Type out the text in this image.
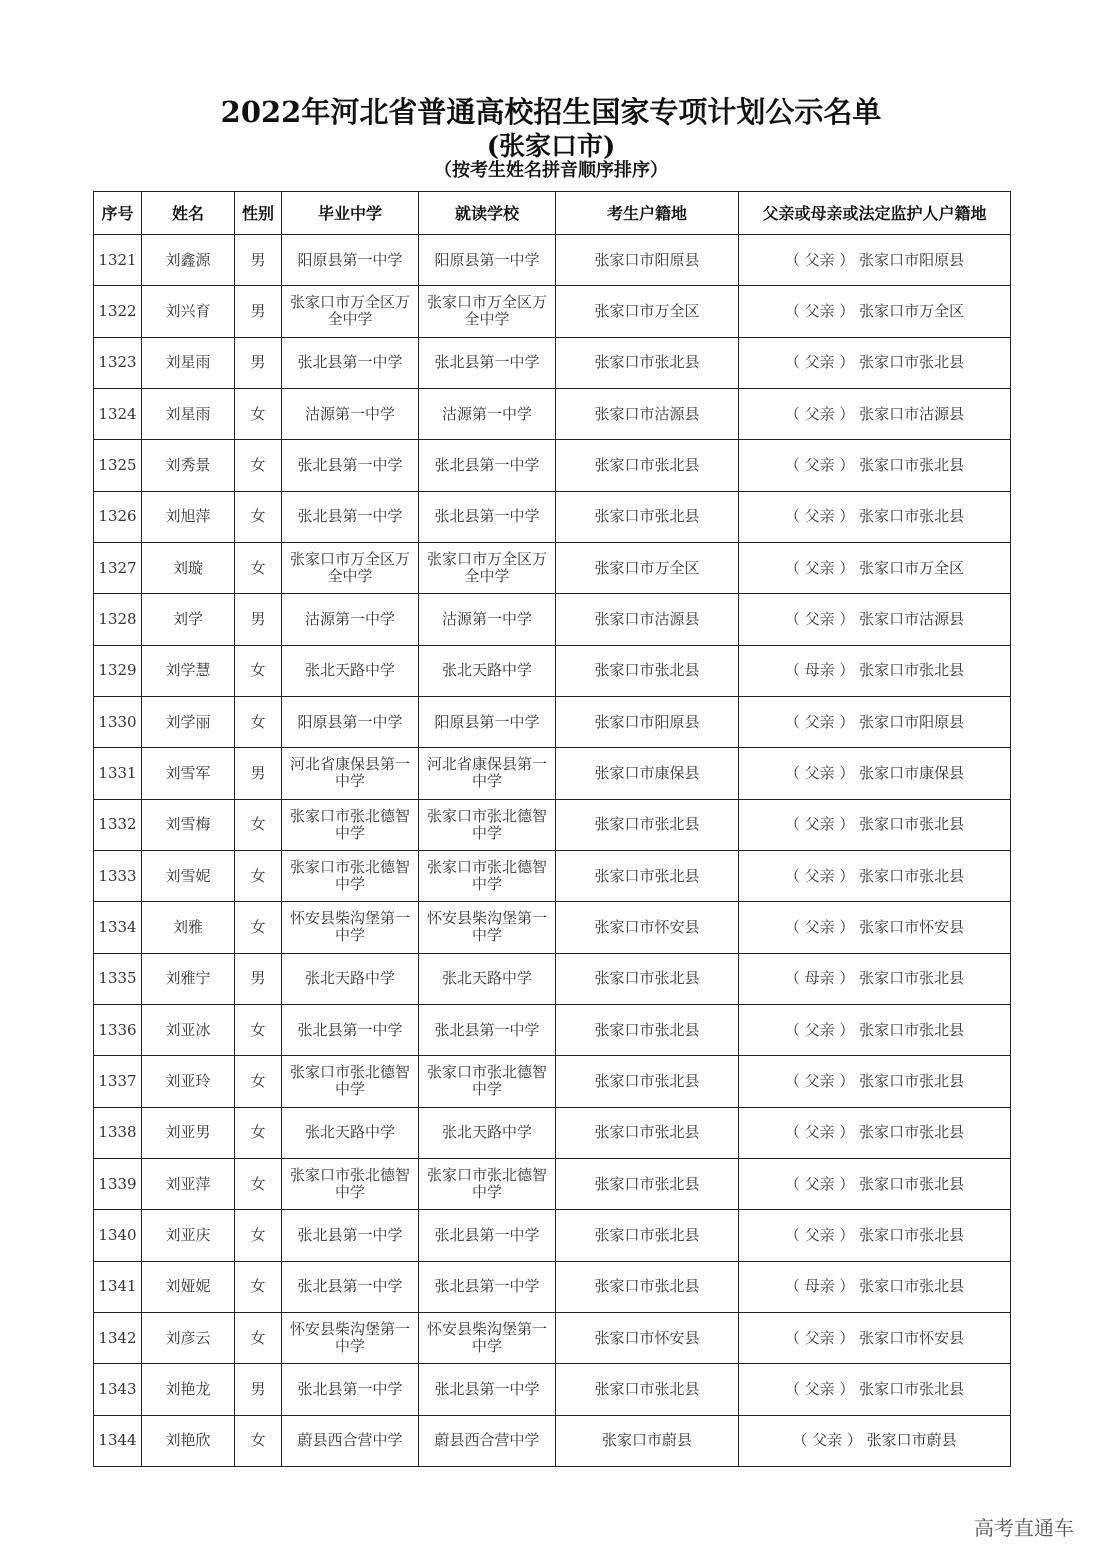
2022年河北省普通高校招生国家专项计划公示名单
(张家口市)
（按考生姓名拼音顺序排序）
序号	姓名	性别	毕业中学	就读学校	考生户籍地	父亲或母亲或法定监护人户籍地
1321	刘鑫源	男	阳原县第一中学	阳原县第一中学	张家口市阳原县	（ 父亲 ） 张家口市阳原县
1322	刘兴育	男	张家口市万全区万全中学	张家口市万全区万全中学	张家口市万全区	（ 父亲 ） 张家口市万全区
1323	刘星雨	男	张北县第一中学	张北县第一中学	张家口市张北县	（ 父亲 ） 张家口市张北县
1324	刘星雨	女	沽源第一中学	沽源第一中学	张家口市沽源县	（ 父亲 ） 张家口市沽源县
1325	刘秀景	女	张北县第一中学	张北县第一中学	张家口市张北县	（ 父亲 ） 张家口市张北县
1326	刘旭萍	女	张北县第一中学	张北县第一中学	张家口市张北县	（ 父亲 ） 张家口市张北县
1327	刘璇	女	张家口市万全区万全中学	张家口市万全区万全中学	张家口市万全区	（ 父亲 ） 张家口市万全区
1328	刘学	男	沽源第一中学	沽源第一中学	张家口市沽源县	（ 父亲 ） 张家口市沽源县
1329	刘学慧	女	张北天路中学	张北天路中学	张家口市张北县	（ 母亲 ） 张家口市张北县
1330	刘学丽	女	阳原县第一中学	阳原县第一中学	张家口市阳原县	（ 父亲 ） 张家口市阳原县
1331	刘雪军	男	河北省康保县第一中学	河北省康保县第一中学	张家口市康保县	（ 父亲 ） 张家口市康保县
1332	刘雪梅	女	张家口市张北德智中学	张家口市张北德智中学	张家口市张北县	（ 父亲 ） 张家口市张北县
1333	刘雪妮	女	张家口市张北德智中学	张家口市张北德智中学	张家口市张北县	（ 父亲 ） 张家口市张北县
1334	刘雅	女	怀安县柴沟堡第一中学	怀安县柴沟堡第一中学	张家口市怀安县	（ 父亲 ） 张家口市怀安县
1335	刘雅宁	男	张北天路中学	张北天路中学	张家口市张北县	（ 母亲 ） 张家口市张北县
1336	刘亚冰	女	张北县第一中学	张北县第一中学	张家口市张北县	（ 父亲 ） 张家口市张北县
1337	刘亚玲	女	张家口市张北德智中学	张家口市张北德智中学	张家口市张北县	（ 父亲 ） 张家口市张北县
1338	刘亚男	女	张北天路中学	张北天路中学	张家口市张北县	（ 父亲 ） 张家口市张北县
1339	刘亚萍	女	张家口市张北德智中学	张家口市张北德智中学	张家口市张北县	（ 父亲 ） 张家口市张北县
1340	刘亚庆	女	张北县第一中学	张北县第一中学	张家口市张北县	（ 父亲 ） 张家口市张北县
1341	刘娅妮	女	张北县第一中学	张北县第一中学	张家口市张北县	（ 母亲 ） 张家口市张北县
1342	刘彦云	女	怀安县柴沟堡第一中学	怀安县柴沟堡第一中学	张家口市怀安县	（ 父亲 ） 张家口市怀安县
1343	刘艳龙	男	张北县第一中学	张北县第一中学	张家口市张北县	（ 父亲 ） 张家口市张北县
1344	刘艳欣	女	蔚县西合营中学	蔚县西合营中学	张家口市蔚县	（ 父亲 ） 张家口市蔚县
高考直通车
